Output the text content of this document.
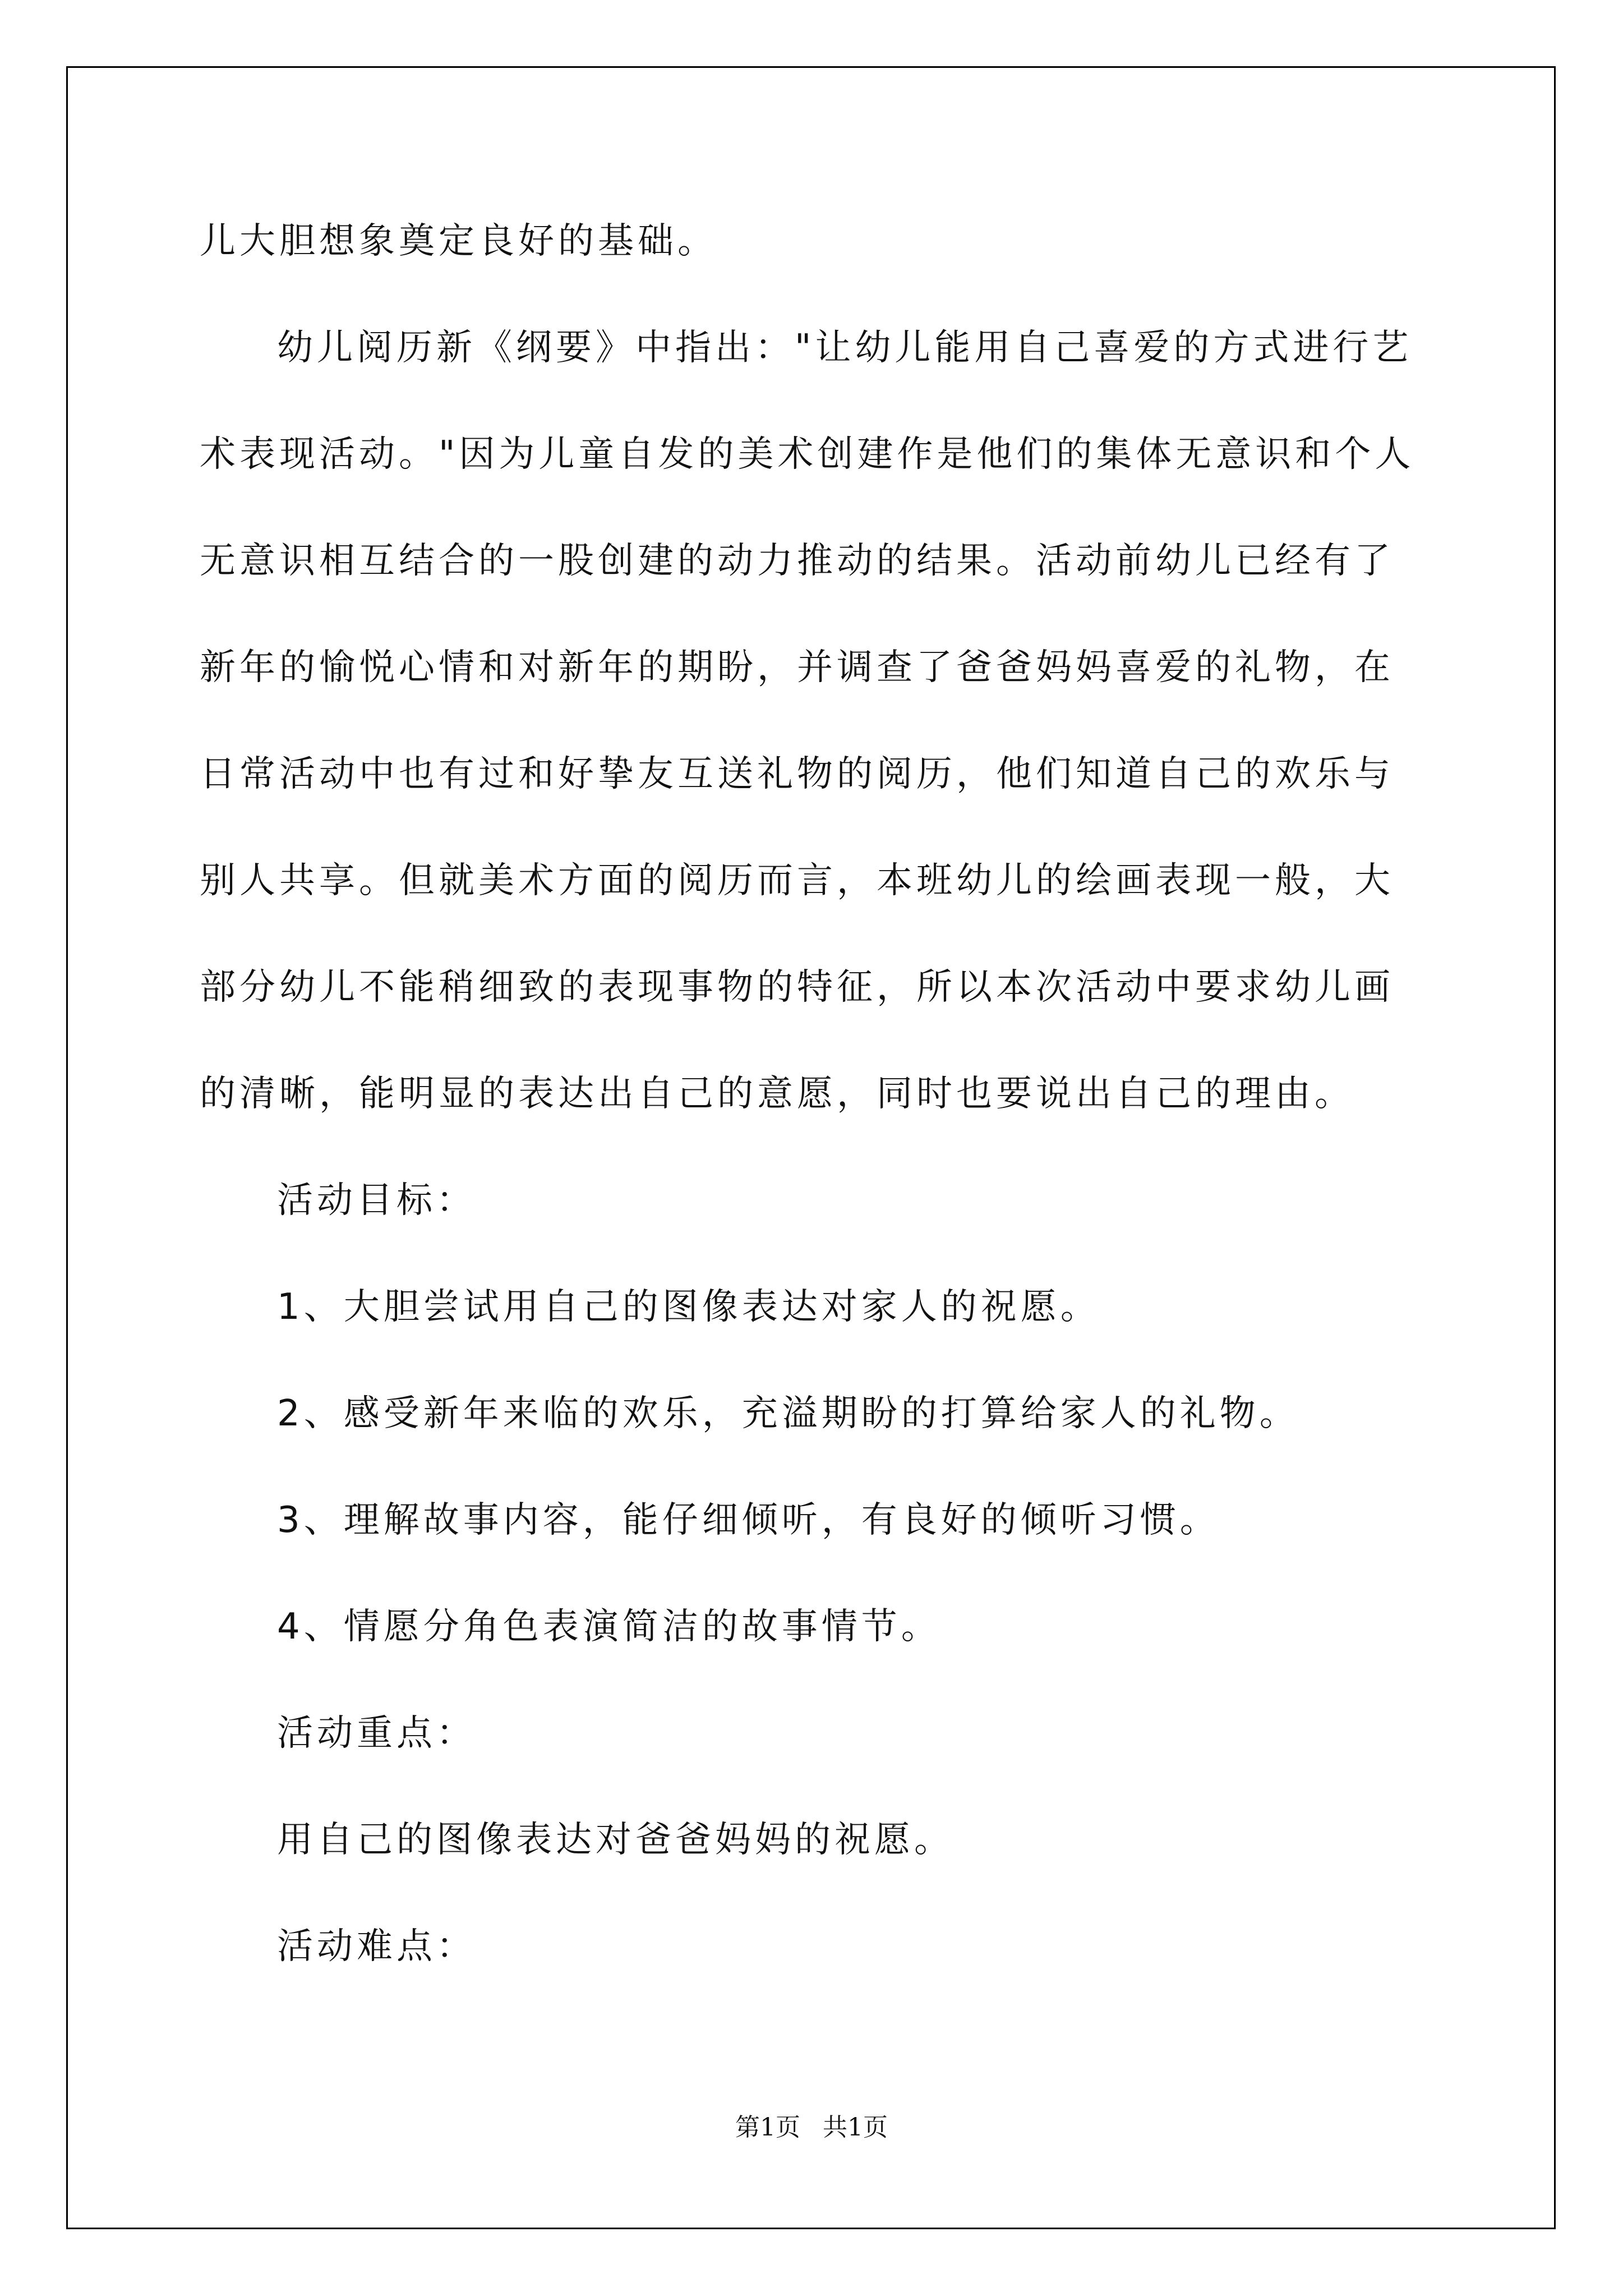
儿大胆想象奠定良好的基础。
幼儿阅历新《纲要》中指出："让幼儿能用自己喜爱的方式进行艺
术表现活动。"因为儿童自发的美术创建作是他们的集体无意识和个人
无意识相互结合的一股创建的动力推动的结果。活动前幼儿已经有了
新年的愉悦心情和对新年的期盼，并调查了爸爸妈妈喜爱的礼物，在
日常活动中也有过和好挚友互送礼物的阅历，他们知道自己的欢乐与
别人共享。但就美术方面的阅历而言，本班幼儿的绘画表现一般，大
部分幼儿不能稍细致的表现事物的特征，所以本次活动中要求幼儿画
的清晰，能明显的表达出自己的意愿，同时也要说出自己的理由。
活动目标：
1、大胆尝试用自己的图像表达对家人的祝愿。
2、感受新年来临的欢乐，充溢期盼的打算给家人的礼物。
3、理解故事内容，能仔细倾听，有良好的倾听习惯。
4、情愿分角色表演简洁的故事情节。
活动重点：
用自己的图像表达对爸爸妈妈的祝愿。
活动难点：
第1页 共1页
